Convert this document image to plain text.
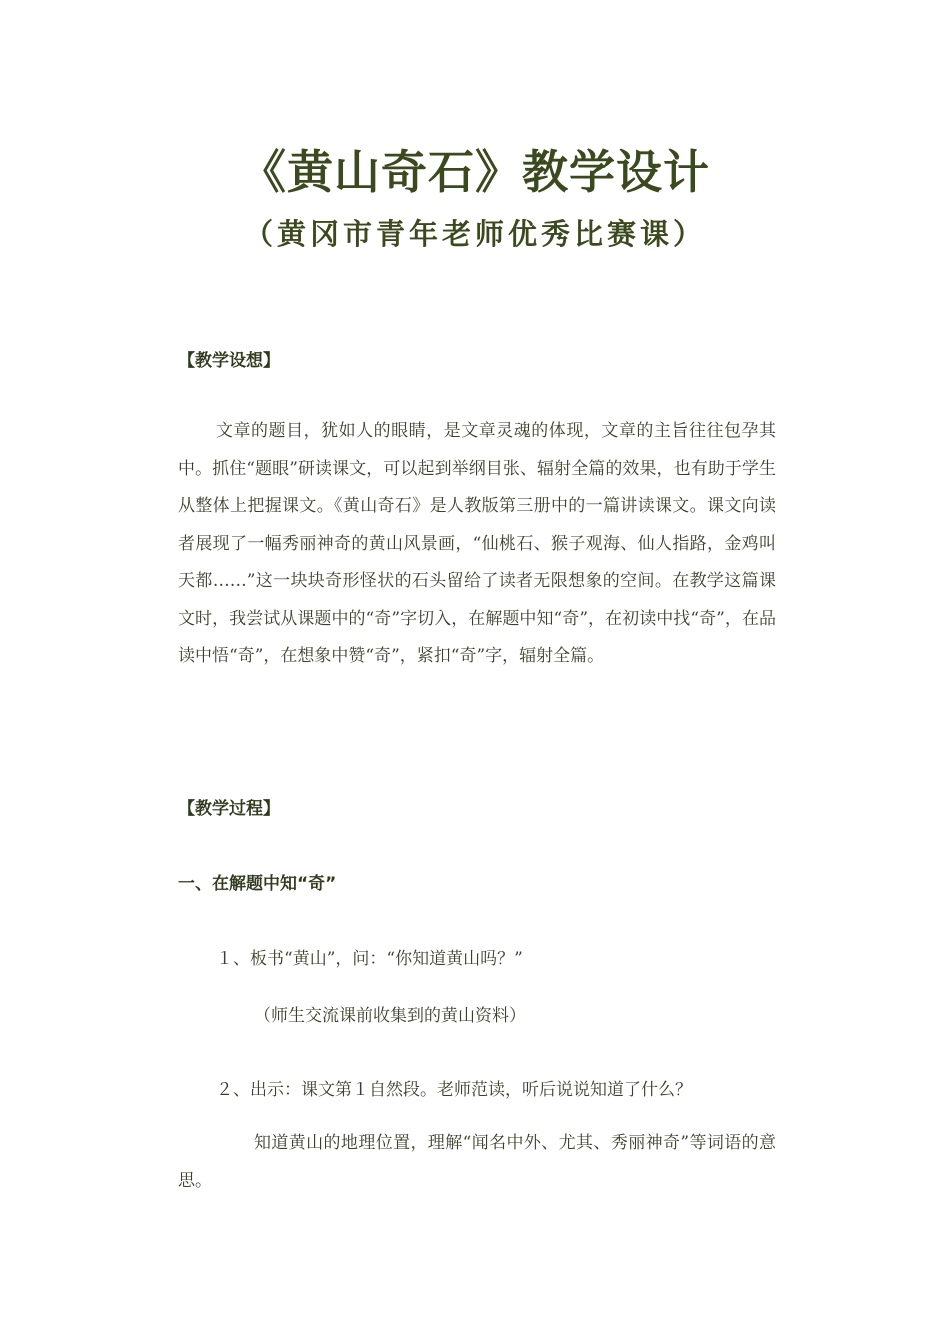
《黄山奇石》教学设计
（黄冈市青年老师优秀比赛课）
【教学设想】
文章的题目，犹如人的眼睛，是文章灵魂的体现，文章的主旨往往包孕其中。抓住“题眼”研读课文，可以起到举纲目张、辐射全篇的效果，也有助于学生从整体上把握课文。《黄山奇石》是人教版第三册中的一篇讲读课文。课文向读者展现了一幅秀丽神奇的黄山风景画，“仙桃石、猴子观海、仙人指路，金鸡叫天都……”这一块块奇形怪状的石头留给了读者无限想象的空间。在教学这篇课文时，我尝试从课题中的“奇”字切入，在解题中知“奇”，在初读中找“奇”，在品读中悟“奇”，在想象中赞“奇”，紧扣“奇”字，辐射全篇。
【教学过程】
一、在解题中知“奇”
１、板书“黄山”，问：“你知道黄山吗？”
（师生交流课前收集到的黄山资料）
２、出示：课文第１自然段。老师范读，听后说说知道了什么？
知道黄山的地理位置，理解“闻名中外、尤其、秀丽神奇”等词语的意思。
